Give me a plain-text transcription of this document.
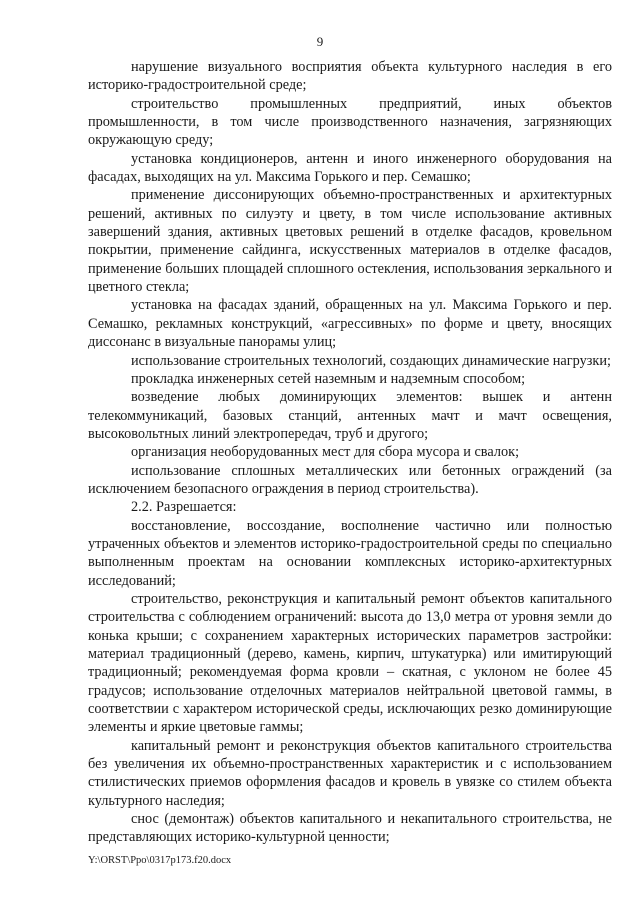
9

нарушение визуального восприятия объекта культурного наследия в его историко-градостроительной среде;

строительство промышленных предприятий, иных объектов промышленности, в том числе производственного назначения, загрязняющих окружающую среду;

установка кондиционеров, антенн и иного инженерного оборудования на фасадах, выходящих на ул. Максима Горького и пер. Семашко;

применение диссонирующих объемно-пространственных и архитектурных решений, активных по силуэту и цвету, в том числе использование активных завершений здания, активных цветовых решений в отделке фасадов, кровельном покрытии, применение сайдинга, искусственных материалов в отделке фасадов, применение больших площадей сплошного остекления, использования зеркального и цветного стекла;

установка на фасадах зданий, обращенных на ул. Максима Горького и пер. Семашко, рекламных конструкций, «агрессивных» по форме и цвету, вносящих диссонанс в визуальные панорамы улиц;

использование строительных технологий, создающих динамические нагрузки;

прокладка инженерных сетей наземным и надземным способом;

возведение любых доминирующих элементов: вышек и антенн телекоммуникаций, базовых станций, антенных мачт и мачт освещения, высоковольтных линий электропередач, труб и другого;

организация необорудованных мест для сбора мусора и свалок;

использование сплошных металлических или бетонных ограждений (за исключением безопасного ограждения в период строительства).

2.2. Разрешается:

восстановление, воссоздание, восполнение частично или полностью утраченных объектов и элементов историко-градостроительной среды по специально выполненным проектам на основании комплексных историко-архитектурных исследований;

строительство, реконструкция и капитальный ремонт объектов капитального строительства с соблюдением ограничений: высота до 13,0 метра от уровня земли до конька крыши; с сохранением характерных исторических параметров застройки: материал традиционный (дерево, камень, кирпич, штукатурка) или имитирующий традиционный; рекомендуемая форма кровли – скатная, с уклоном не более 45 градусов; использование отделочных материалов нейтральной цветовой гаммы, в соответствии с характером исторической среды, исключающих резко доминирующие элементы и яркие цветовые гаммы;

капитальный ремонт и реконструкция объектов капитального строительства без увеличения их объемно-пространственных характеристик и с использованием стилистических приемов оформления фасадов и кровель в увязке со стилем объекта культурного наследия;

снос (демонтаж) объектов капитального и некапитального строительства, не представляющих историко-культурной ценности;

Y:\ORST\Ppo\0317p173.f20.docx
